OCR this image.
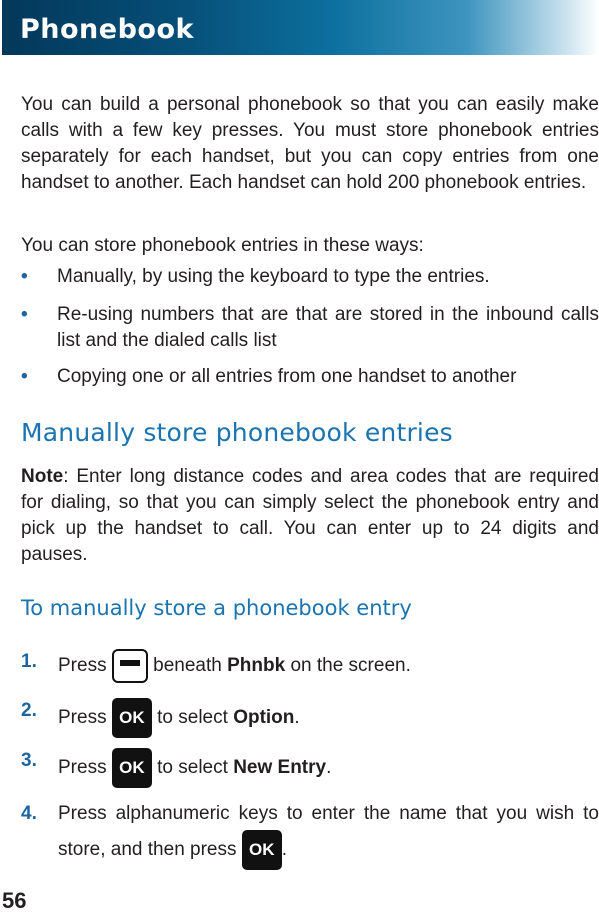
Phonebook

You can build a personal phonebook so that you can easily make calls with a few key presses. You must store phonebook entries separately for each handset, but you can copy entries from one handset to another. Each handset can hold 200 phonebook entries.

You can store phonebook entries in these ways:

• Manually, by using the keyboard to type the entries.
• Re-using numbers that are that are stored in the inbound calls list and the dialed calls list
• Copying one or all entries from one handset to another
Manually store phonebook entries

Note: Enter long distance codes and area codes that are required for dialing, so that you can simply select the phonebook entry and pick up the handset to call. You can enter up to 24 digits and pauses.

To manually store a phonebook entry
1. Press beneath Phnbk on the screen.
2. Press OK to select Option.
3. Press OK to select New Entry.
4. Press alphanumeric keys to enter the name that you wish to store, and then press OK .

56
